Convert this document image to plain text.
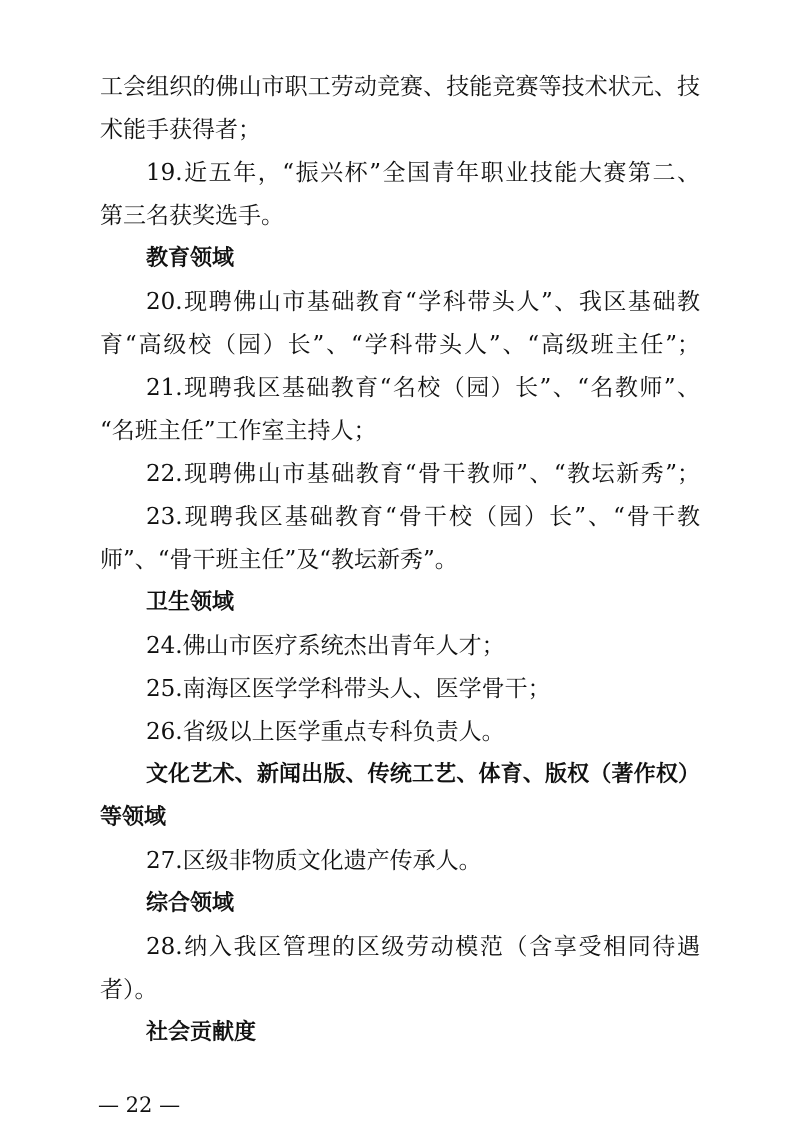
工会组织的佛山市职工劳动竞赛、技能竞赛等技术状元、技
术能手获得者；
19.近五年，“振兴杯”全国青年职业技能大赛第二、
第三名获奖选手。
教育领域
20.现聘佛山市基础教育“学科带头人”、我区基础教
育“高级校（园）长”、“学科带头人”、“高级班主任”；
21.现聘我区基础教育“名校（园）长”、“名教师”、
“名班主任”工作室主持人；
22.现聘佛山市基础教育“骨干教师”、“教坛新秀”；
23.现聘我区基础教育“骨干校（园）长”、“骨干教
师”、“骨干班主任”及“教坛新秀”。
卫生领域
24.佛山市医疗系统杰出青年人才；
25.南海区医学学科带头人、医学骨干；
26.省级以上医学重点专科负责人。
文化艺术、新闻出版、传统工艺、体育、版权（著作权）
等领域
27.区级非物质文化遗产传承人。
综合领域
28.纳入我区管理的区级劳动模范（含享受相同待遇
者）。
社会贡献度
— 22 —
